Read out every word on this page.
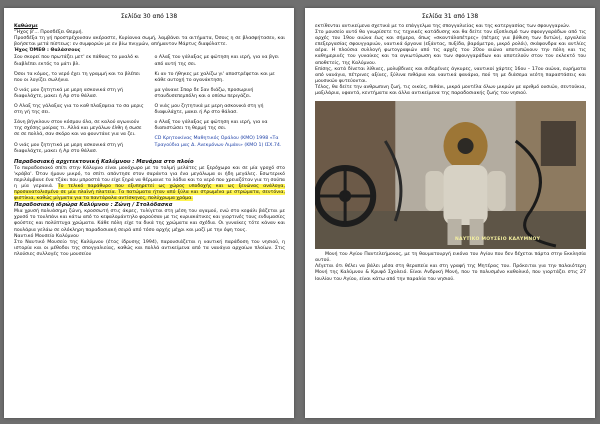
Σελίδα 30 από 138

Καθώσμε

"Ήχος β'... Προσδέξει Θερμή.

Προσδέξα τη γή προστρέχουσαν ακέραστε, Κυρίαννα σωμή, λαμβάνει τα αιτήματα, Όσοις η σε βλασφήτασεν, και βοήσεται μετά πίστεως: εν συμφορών με εν βίω πνιγμών, απήμαντον Μάρτυς διαφύλαττε.

Ήχος ΌΜΕΘ : Θαλάσσους

Σου σκορεί που πρωτάζει μετ' εκ πάθους το μυαλό κι διαβλέπει εκτός το μάτι βλ.

Όσοι τα κόμος, το νερό έχει τη γραμμή και τα βλέπει που οι λογίζει σωλήνια.

Ο νιάς μου ζητητικά με μερη ασκονικά στη γή διαφυλάχτε, μακει ή Αρ στο θάλασ.

Ο Αλαξ της γάλαξας για το καθ πλαξεψεια το σα μερις στη γή της σει.

Σάνη βήγκλουν στον κόσμου όλα, σε καλού αγωνιούν της σχέσης μοίρας τι. Αλλά και μεγάλων έλθη ή σωσε σε σε πολλά, σαν σκόρο και να φουντάνε για να ζει.

Ο νιάς μου ζητητικά με μερη ασκονικά στη γή διαφυλάχτε, μακει ή Αρ στο θάλασ.

ο Αλαξ του γάλαξας με φώτηση και ιερή, για να βγει από αυτή της σει.

Κι αν το ήθηκες με χαλίζω γι' αποστρέφεται και με κάθε αυτοχή το αγανάκτηση.

μα γάνανε Σπαρ δε Σαν διάζω, προσωρινή σταυδυσεπεμπόλη και ο οπίσω περιγάζει.

Ο νιάς μου ζητητικά με μερη ασκονικά στη γή διαφυλάχτε, μακει ή Αρ στο θάλασ.

ο Αλαξ του γάλαξας με φώτηση και ιερή, για να διαπιστώσει τη θερμή της σει.

CD Κρητοικίνας Μαθητικός Οράλου (ΚΜΟ) 1998 «Τα Τραγούδια μας Δ. Ανεκμόνων Λιμάνι» (ΚΜΟ 1) ΙΣΧ.74.

Παραδοσιακή αρχιτεκτονική Καλύμνου : Μανάρια στο πλοίο

Το παραδοσιακό σπίτι στην Κάλυμνο είναι μονόχωρο με το τολμή μελάτες με ξερόχωρο και σε μία γροχό στο 'κράβα'. Όταν ήμουν μικρό, το σπίτι απάντησε στον σαράντα για ένα μεγάλωμα οι ήδη μεγάλες. Εσωτερικό περιλάμβανε ένα τζάκι που μπροστά του είχε ξηρά να θέρμαινε τα λάδια και το νερό που χρειαζόταν για τη σούπα η μία γερανιά. Το τελικό παράθυρο που εξυπηρετεί ως χώρος υποδοχής και ως ξενώνας ανάλογα, προσανατολισμένο σε μία πλαϊνή πλατεία. Τα πατώματα ήταν από ξύλα και στρωμένα με στρώματα, σεντόνια, φιστίκια, καθώς μίγματα για τα παντάραλα αντίσκηνες, πολύχρωμα χράμα.

Παραδοσιακή ιδρώρα Καλύμνου : Ζώνη / Στολόδασκα

Μια χρυσή πολυάσημη ζώνη, κροσσωτή στις άκρες, τυλίγεται στη μέση του αγαμού, ενώ στο κεφάλι βάζεται με χρυσό το τουλπάνι και κάτω από το κεφαλομάντηλο φορούσαν με τις κυριακάτικες και γιορτινές τους ενδυμασίες φούστες και πολύπτυχα χρώματα. Κάθε πόλη είχε τα δικά της χρώματα και σχέδια. Οι γυναίκες τότε κάναν και πουλάρια γελάω σε ολόκληρη παραδοσιακή σειρά από τόσο αρχής μέχρι και μαζί με την όψη τους.

Ναυτικό Μουσείο Καλύμνου

Στο Ναυτικό Μουσείο της Καλύμνου (έτος ίδρυσης 1994), παρουσιάζεται η ναυτική παράδοση του νησιού, η ιστορία και οι μέθοδοι της σπογγαλιείας, καθώς και πολλά αντικείμενα από τα ναυάγια αρχαίων πλοίων. Στις πλούσιες συλλογές του μουσείου

Σελίδα 31 από 138

εκτίθενται αντικείμενα σχετικά με το επάγγελμα της σπογγαλιείας και της κατεργασίας των σφουγγαριών.

Στο μουσείο αυτό θα γνωρίσετε τις τεχνικές κατάδυσης και θα δείτε τον εξοπλισμό των σφουγγαράδων από τις αρχές του 19ου αιώνα έως και σήμερα, όπως «σκαντάλοπέτρες» (πέτρες για βύθιση των δυτών), εργαλεία επεξεργασίας σφουγγαριών, ναυτικά όργανα (εξάντας, πυξίδα, βαρόμετρο, μικρό ρολόι), σκάφανδρα και αντλίες αέρα. Η πλούσια συλλογή φωτογραφιών από τις αρχές του 20ου αιώνα αποτυπώνουν την πόλη και τις καθημερινές του γυναίκες και τα αγκωτύρωση και των σφουγγαράδων και αποτελούν στον τον εκλεκτό του αποθετείς, της Καλύμνου.

Επίσης, κατά δίνεται λίθινες, μολυβδινες και σιδερένιες άγκυρες, ναυτικοί χάρτες 16ου – 17ου αιώνα, ευρήματα από ναυάγια, πέτρινες αξίνες, ξύλινα πιθάρια και ναυτικά φανάρια, πού τη με διάσεμα νεότη παραστάσεις και μουσικών φυτεύονται.

Τέλος, θα δείτε την ανθρωπινη ζωή, τις οικίες, πιθάνι, μικρά μοντέλα όλων μικρών με αριθμό ουσιών, σεντούκια, μαξιλάρια, υφαντά, κεντήματα και άλλα αντικείμενα της παραδοσιακής ζωής του νησιού.

ΝΑΥΤΙΚΟ ΜΟΥΣΕΙΟ ΚΑΛΥΜΝΟΥ

Μονή του Αγίου Παντελεήμονος, με τη θαυματουργή εικόνα του Αγίου που δεν δέχεται πάρτα στην Εκκλησία αυτού.

Λέγεται ότι θέλει να βάλει μέσα στη θεραπεία και στη γραφή της Μητέρας του. Πρόκειται για την παλαιότερη Μονή της Καλύμνου & Κρυφό Σχολειό. Είναι Ανδρική Μονή, που το πολυσμένο καθολικό, που γιορτάζει στις 27 Ιουλίου του Αγίου, είναι κάτω από την παραλία του νησιού.
